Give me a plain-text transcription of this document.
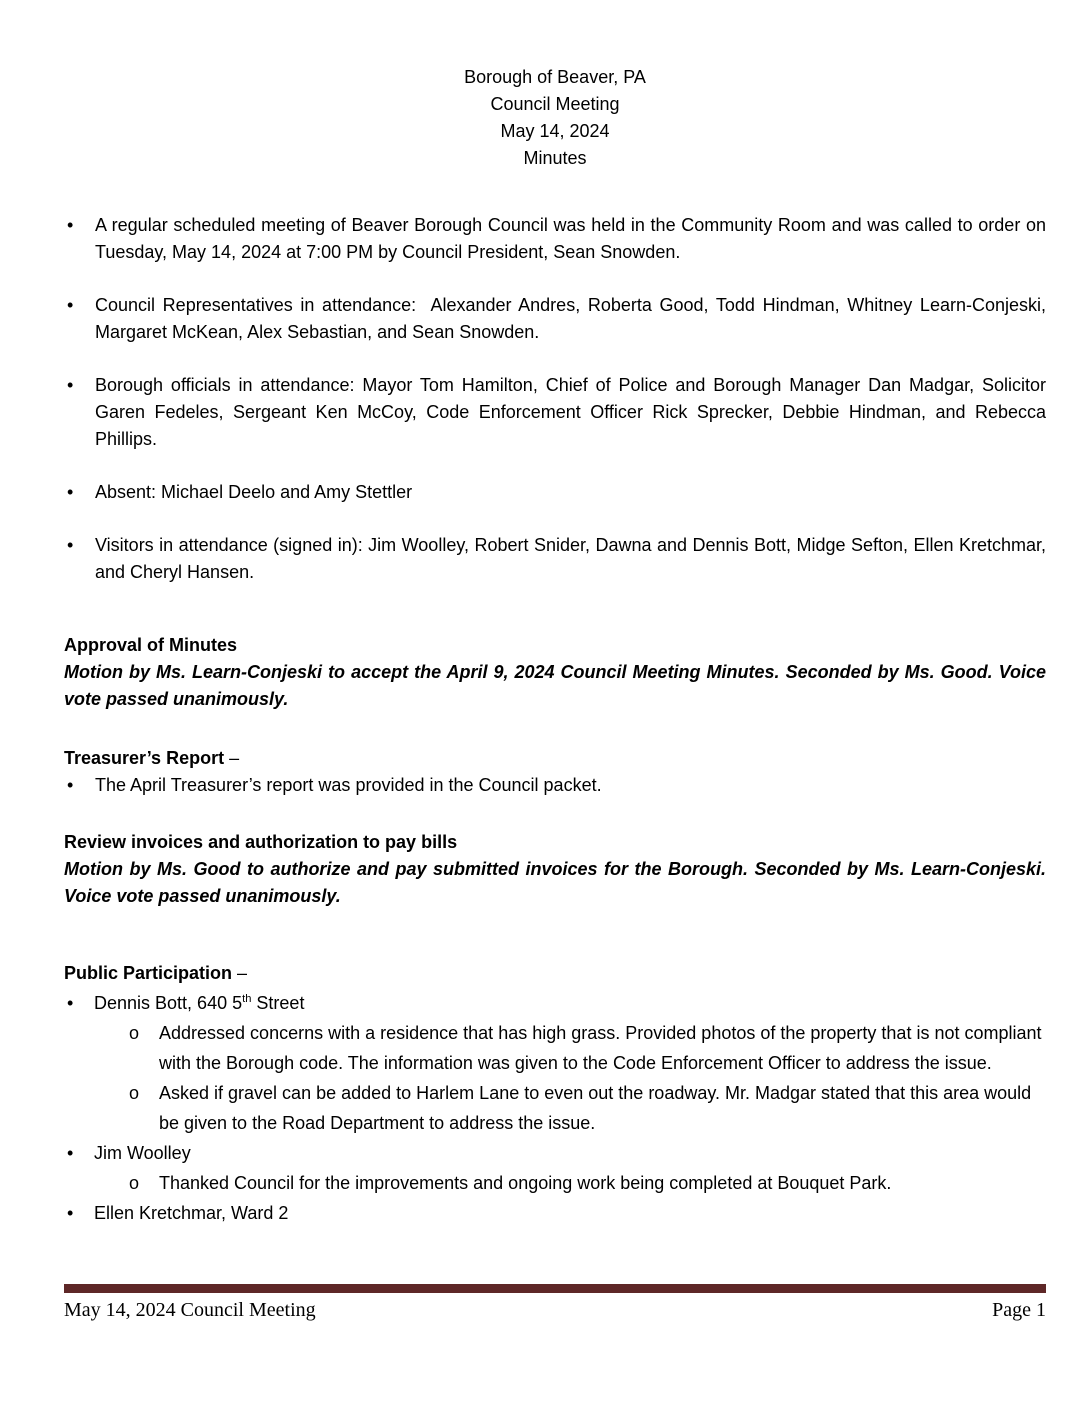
Borough of Beaver, PA
Council Meeting
May 14, 2024
Minutes
• A regular scheduled meeting of Beaver Borough Council was held in the Community Room and was called to order on Tuesday, May 14, 2024 at 7:00 PM by Council President, Sean Snowden.
• Council Representatives in attendance:  Alexander Andres, Roberta Good, Todd Hindman, Whitney Learn-Conjeski, Margaret McKean, Alex Sebastian, and Sean Snowden.
• Borough officials in attendance: Mayor Tom Hamilton, Chief of Police and Borough Manager Dan Madgar, Solicitor Garen Fedeles, Sergeant Ken McCoy, Code Enforcement Officer Rick Sprecker, Debbie Hindman, and Rebecca Phillips.
• Absent: Michael Deelo and Amy Stettler
• Visitors in attendance (signed in): Jim Woolley, Robert Snider, Dawna and Dennis Bott, Midge Sefton, Ellen Kretchmar, and Cheryl Hansen.
Approval of Minutes

Motion by Ms. Learn-Conjeski to accept the April 9, 2024 Council Meeting Minutes. Seconded by Ms. Good. Voice vote passed unanimously.

Treasurer’s Report –
• The April Treasurer’s report was provided in the Council packet.
Review invoices and authorization to pay bills

Motion by Ms. Good to authorize and pay submitted invoices for the Borough. Seconded by Ms. Learn-Conjeski. Voice vote passed unanimously.

Public Participation –
• Dennis Bott, 640 5th Street
o Addressed concerns with a residence that has high grass. Provided photos of the property that is not compliant with the Borough code. The information was given to the Code Enforcement Officer to address the issue.
o Asked if gravel can be added to Harlem Lane to even out the roadway. Mr. Madgar stated that this area would be given to the Road Department to address the issue.
• Jim Woolley
o Thanked Council for the improvements and ongoing work being completed at Bouquet Park.
• Ellen Kretchmar, Ward 2
May 14, 2024 Council Meeting	Page 1
